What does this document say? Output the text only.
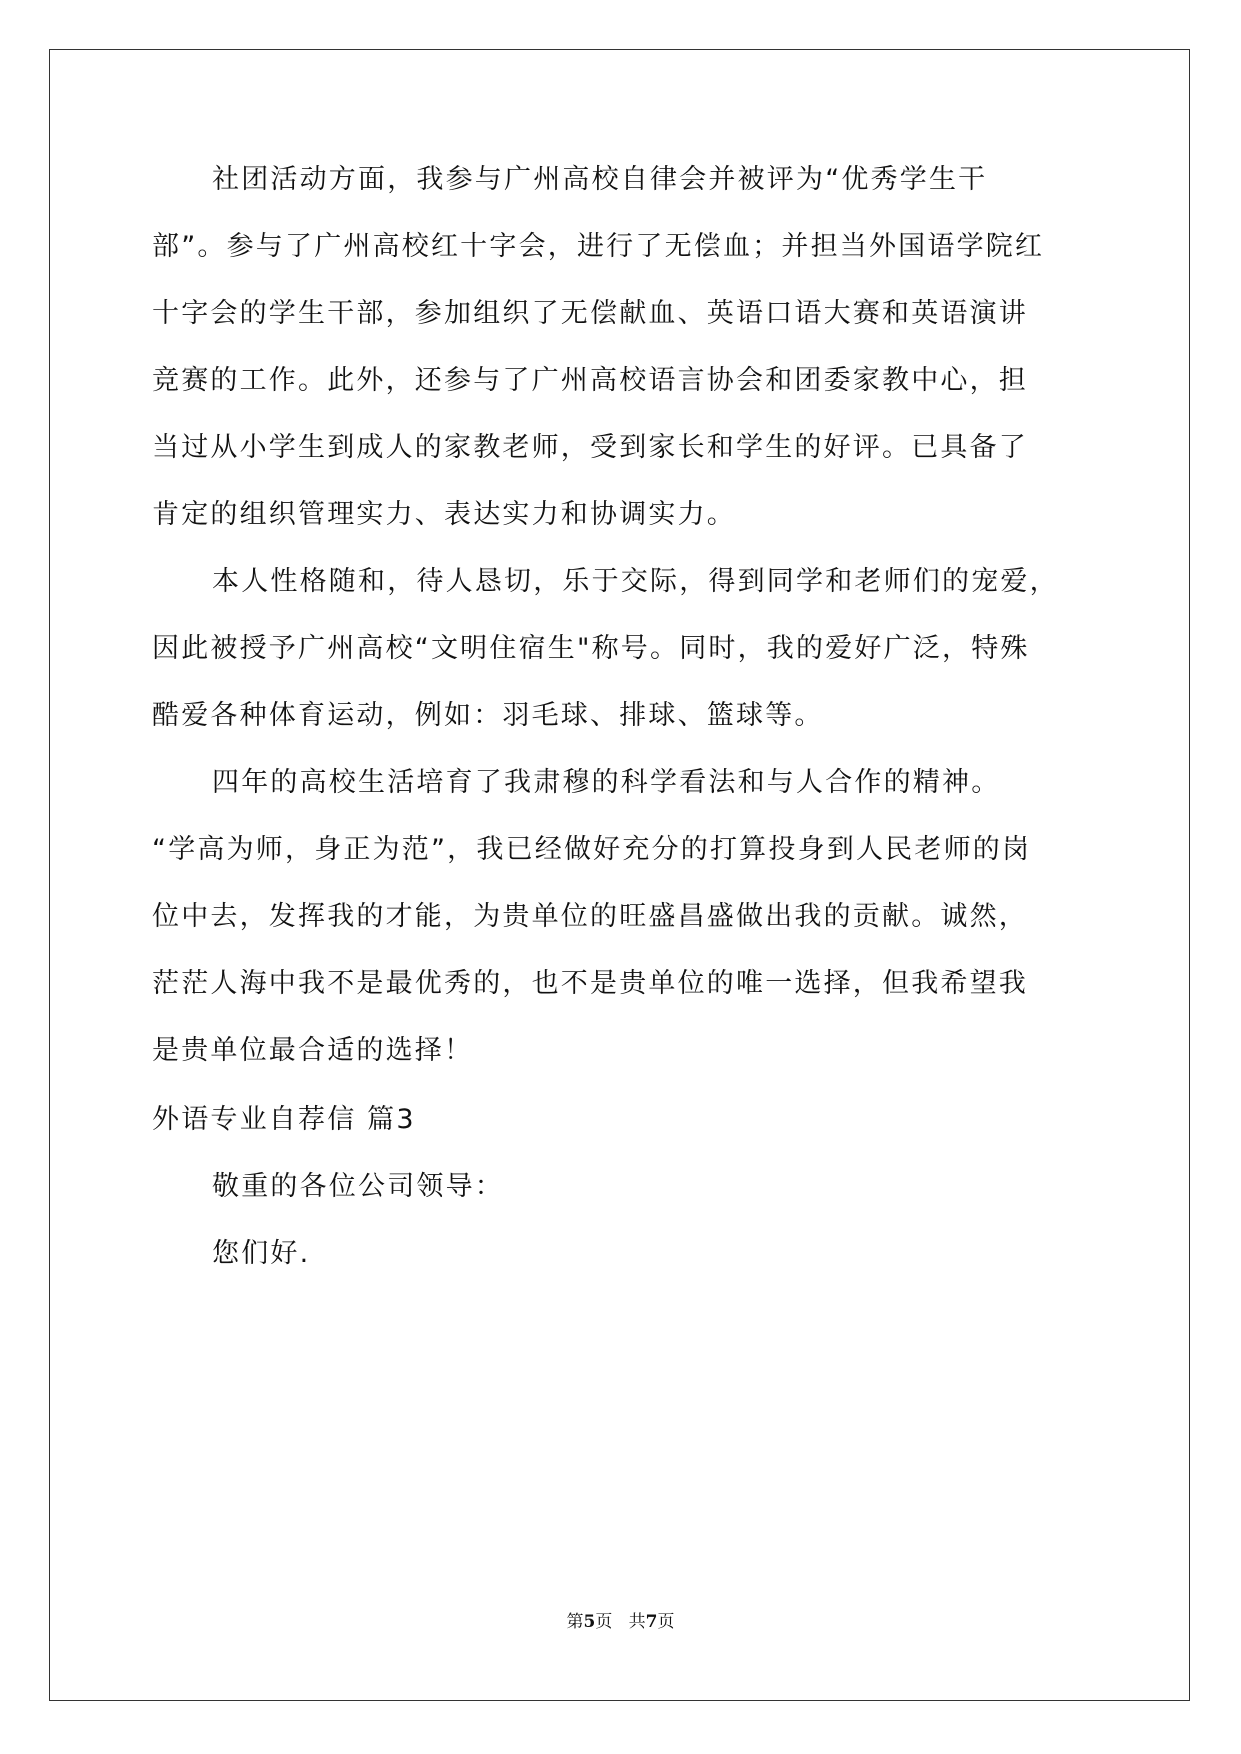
社团活动方面，我参与广州高校自律会并被评为“优秀学生干

部”。参与了广州高校红十字会，进行了无偿血；并担当外国语学院红

十字会的学生干部，参加组织了无偿献血、英语口语大赛和英语演讲

竞赛的工作。此外，还参与了广州高校语言协会和团委家教中心，担

当过从小学生到成人的家教老师，受到家长和学生的好评。已具备了

肯定的组织管理实力、表达实力和协调实力。

本人性格随和，待人恳切，乐于交际，得到同学和老师们的宠爱，

因此被授予广州高校“文明住宿生"称号。同时，我的爱好广泛，特殊

酷爱各种体育运动，例如：羽毛球、排球、篮球等。

四年的高校生活培育了我肃穆的科学看法和与人合作的精神。

“学高为师，身正为范”，我已经做好充分的打算投身到人民老师的岗

位中去，发挥我的才能，为贵单位的旺盛昌盛做出我的贡献。诚然，

茫茫人海中我不是最优秀的，也不是贵单位的唯一选择，但我希望我

是贵单位最合适的选择！

外语专业自荐信 篇3

敬重的各位公司领导：

您们好.

第5页 共7页
